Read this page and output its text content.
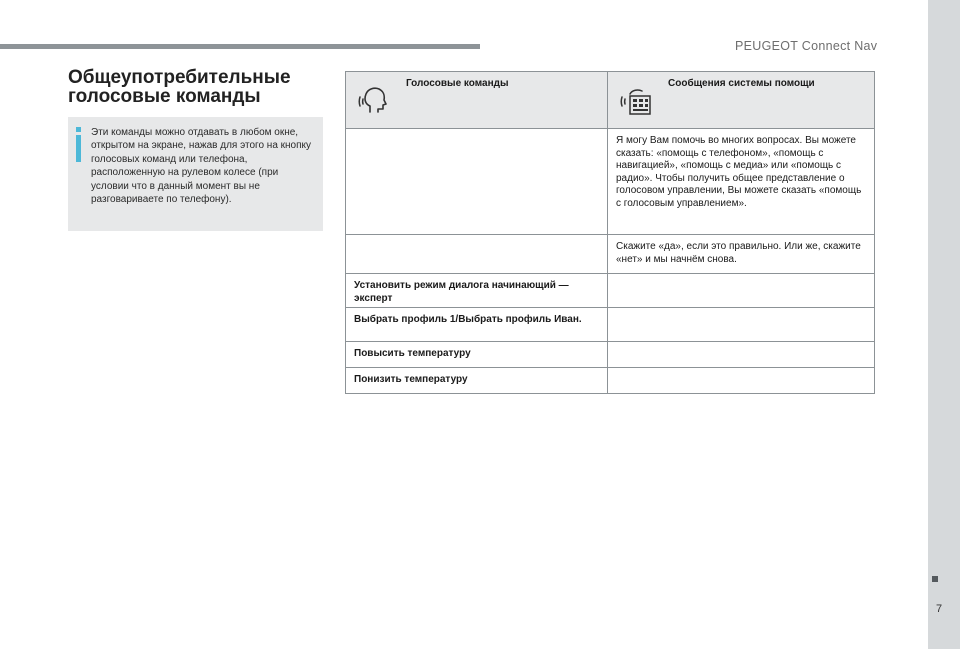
PEUGEOT Connect Nav
Общеупотребительные голосовые команды
Эти команды можно отдавать в любом окне, открытом на экране, нажав для этого на кнопку голосовых команд или телефона, расположенную на рулевом колесе (при условии что в данный момент вы не разговариваете по телефону).
Голосовые команды	Сообщения системы помощи

	Я могу Вам помочь во многих вопросах. Вы можете сказать: «помощь с телефоном», «помощь с навигацией», «помощь с медиа» или «помощь с радио». Чтобы получить общее представление о голосовом управлении, Вы можете сказать «помощь с голосовым управлением».

	Скажите «да», если это правильно. Или же, скажите «нет» и мы начнём снова.

Установить режим диалога начинающий — эксперт	

Выбрать профиль 1/Выбрать профиль Иван.	

Повысить температуру	

Понизить температуру	

7
